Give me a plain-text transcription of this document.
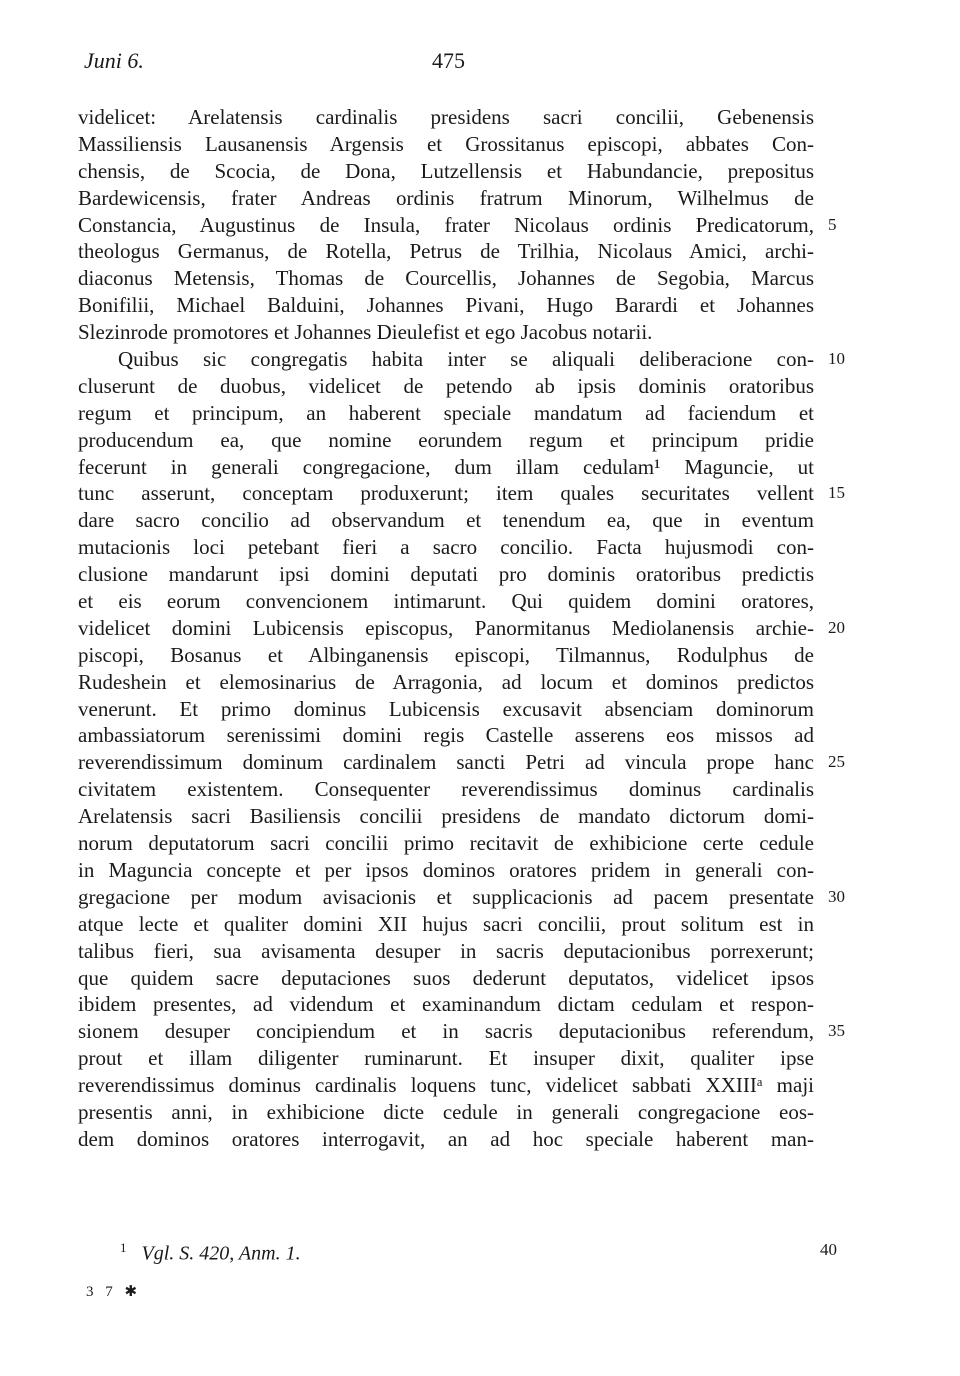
Juni 6.	475
videlicet: Arelatensis cardinalis presidens sacri concilii, Gebenensis
Massiliensis Lausanensis Argensis et Grossitanus episcopi, abbates Con-
chensis, de Scocia, de Dona, Lutzellensis et Habundancie, prepositus
Bardewicensis, frater Andreas ordinis fratrum Minorum, Wilhelmus de
Constancia, Augustinus de Insula, frater Nicolaus ordinis Predicatorum, 5
theologus Germanus, de Rotella, Petrus de Trilhia, Nicolaus Amici, archi-
diaconus Metensis, Thomas de Courcellis, Johannes de Segobia, Marcus
Bonifilii, Michael Balduini, Johannes Pivani, Hugo Barardi et Johannes
Slezinrode promotores et Johannes Dieulefist et ego Jacobus notarii.
Quibus sic congregatis habita inter se aliquali deliberacione con- 10
cluserunt de duobus, videlicet de petendo ab ipsis dominis oratoribus
regum et principum, an haberent speciale mandatum ad faciendum et
producendum ea, que nomine eorundem regum et principum pridie
fecerunt in generali congregacione, dum illam cedulam¹ Maguncie, ut
tunc asserunt, conceptam produxerunt; item quales securitates vellent 15
dare sacro concilio ad observandum et tenendum ea, que in eventum
mutacionis loci petebant fieri a sacro concilio. Facta hujusmodi con-
clusione mandarunt ipsi domini deputati pro dominis oratoribus predictis
et eis eorum convencionem intimarunt. Qui quidem domini oratores,
videlicet domini Lubicensis episcopus, Panormitanus Mediolanensis archie- 20
piscopi, Bosanus et Albinganensis episcopi, Tilmannus, Rodulphus de
Rudeshein et elemosinarius de Arragonia, ad locum et dominos predictos
venerunt. Et primo dominus Lubicensis excusavit absenciam dominorum
ambassiatorum serenissimi domini regis Castelle asserens eos missos ad
reverendissimum dominum cardinalem sancti Petri ad vincula prope hanc 25
civitatem existentem. Consequenter reverendissimus dominus cardinalis
Arelatensis sacri Basiliensis concilii presidens de mandato dictorum domi-
norum deputatorum sacri concilii primo recitavit de exhibicione certe cedule
in Maguncia concepte et per ipsos dominos oratores pridem in generali con-
gregacione per modum avisacionis et supplicacionis ad pacem presentate 30
atque lecte et qualiter domini XII hujus sacri concilii, prout solitum est in
talibus fieri, sua avisamenta desuper in sacris deputacionibus porrexerunt;
que quidem sacre deputaciones suos dederunt deputatos, videlicet ipsos
ibidem presentes, ad videndum et examinandum dictam cedulam et respon-
sionem desuper concipiendum et in sacris deputacionibus referendum, 35
prout et illam diligenter ruminarunt. Et insuper dixit, qualiter ipse
reverendissimus dominus cardinalis loquens tunc, videlicet sabbati XXIIIᵃ maji
presentis anni, in exhibicione dicte cedule in generali congregacione eos-
dem dominos oratores interrogavit, an ad hoc speciale haberent man-
$^1$ Vgl. S. 420, Anm. 1.	40
3 7 ✱
